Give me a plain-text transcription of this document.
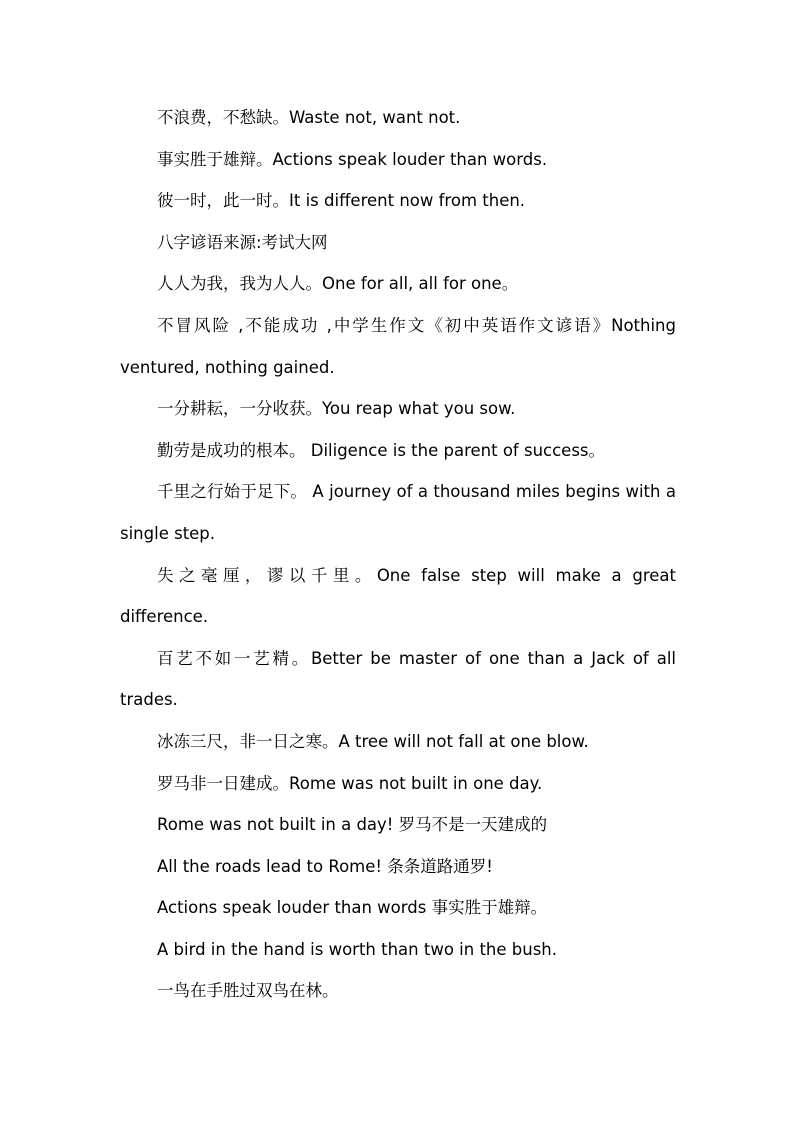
不浪费，不愁缺。Waste not, want not.

事实胜于雄辩。Actions speak louder than words.

彼一时，此一时。It is different now from then.

八字谚语来源:考试大网

人人为我，我为人人。One for all, all for one。

不冒风险 ,不能成功 ,中学生作文《初中英语作文谚语》Nothing ventured, nothing gained.

一分耕耘，一分收获。You reap what you sow.

勤劳是成功的根本。 Diligence is the parent of success。

千里之行始于足下。 A journey of a thousand miles begins with a single step.

失之毫厘，谬以千里。One false step will make a great difference.

百艺不如一艺精。Better be master of one than a Jack of all trades.

冰冻三尺，非一日之寒。A tree will not fall at one blow.

罗马非一日建成。Rome was not built in one day.

Rome was not built in a day! 罗马不是一天建成的

All the roads lead to Rome! 条条道路通罗!

Actions speak louder than words 事实胜于雄辩。

A bird in the hand is worth than two in the bush.

一鸟在手胜过双鸟在林。
